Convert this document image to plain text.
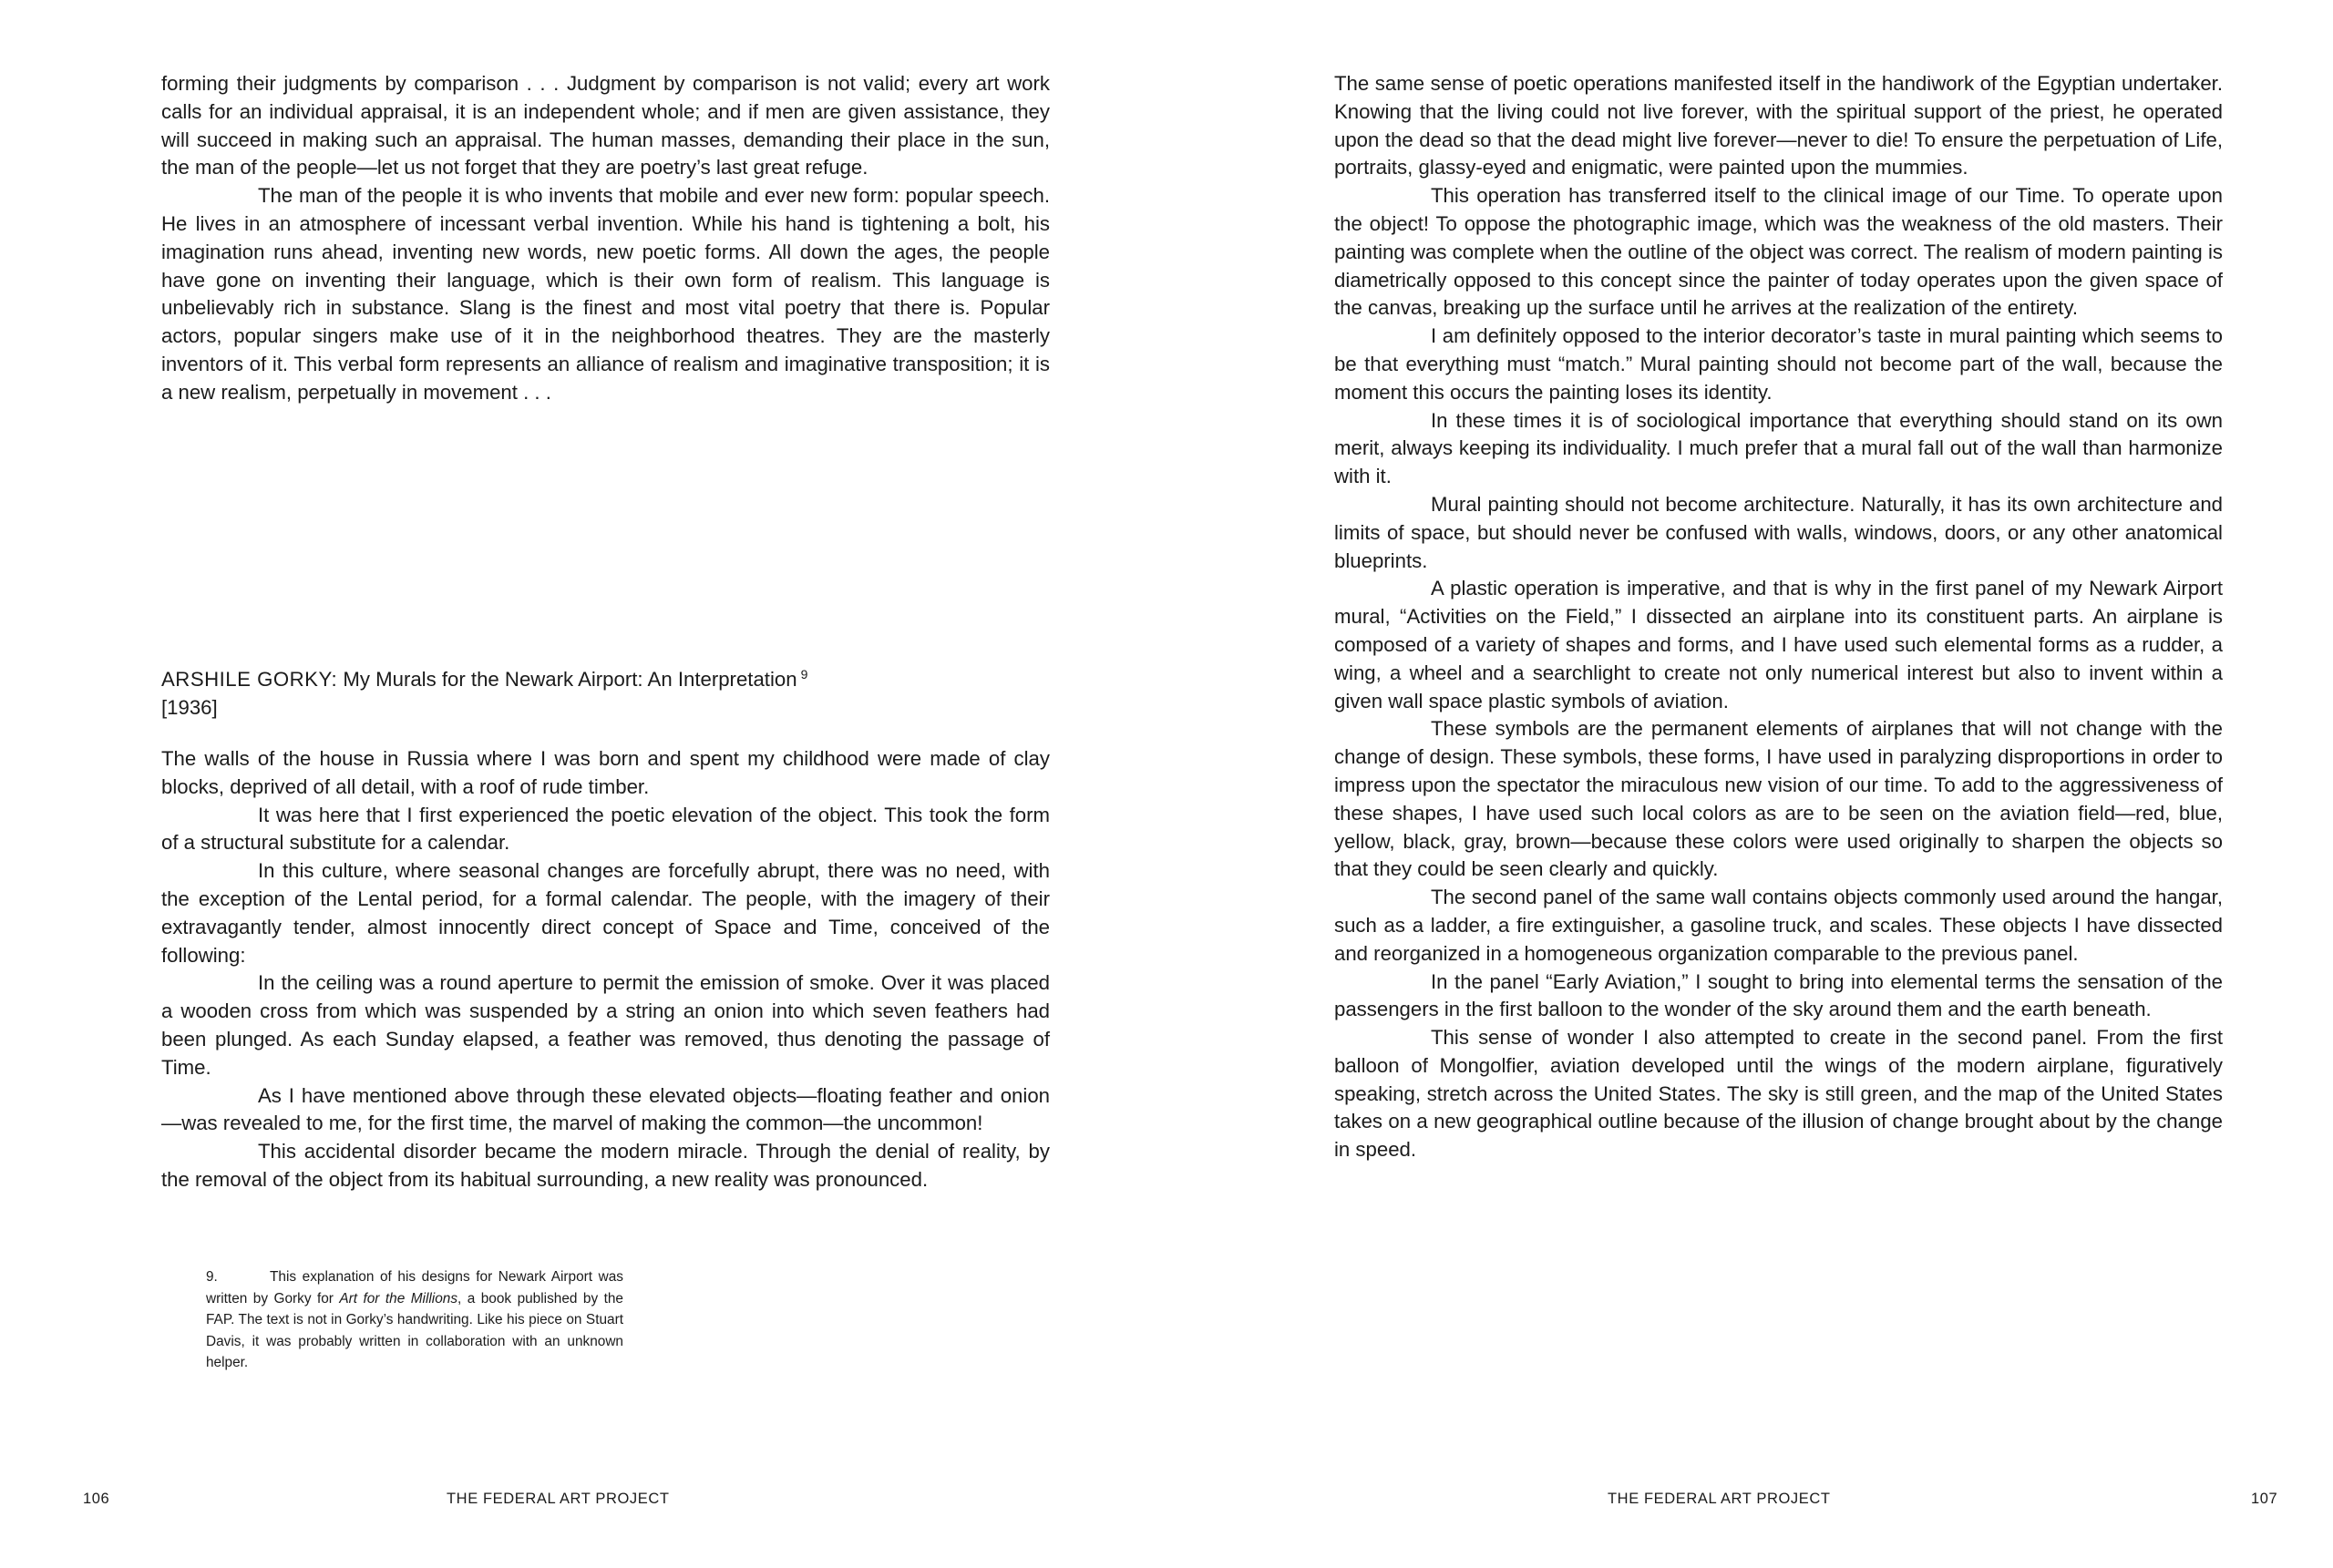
forming their judgments by comparison . . . Judgment by comparison is not valid; every art work calls for an individual appraisal, it is an independent whole; and if men are given assistance, they will succeed in making such an appraisal. The human masses, demanding their place in the sun, the man of the people—let us not forget that they are poetry’s last great refuge.

The man of the people it is who invents that mobile and ever new form: popular speech. He lives in an atmosphere of incessant verbal invention. While his hand is tightening a bolt, his imagination runs ahead, inventing new words, new poetic forms. All down the ages, the people have gone on inventing their language, which is their own form of realism. This language is unbelievably rich in substance. Slang is the finest and most vital poetry that there is. Popular actors, popular singers make use of it in the neighborhood theatres. They are the masterly inventors of it. This verbal form represents an alliance of realism and imaginative transposition; it is a new realism, perpetually in movement . . .

ARSHILE GORKY: My Murals for the Newark Airport: An Interpretation $^9$
[1936]

The walls of the house in Russia where I was born and spent my childhood were made of clay blocks, deprived of all detail, with a roof of rude timber.

It was here that I first experienced the poetic elevation of the object. This took the form of a structural substitute for a calendar.

In this culture, where seasonal changes are forcefully abrupt, there was no need, with the exception of the Lental period, for a formal calendar. The people, with the imagery of their extravagantly tender, almost innocently direct concept of Space and Time, conceived of the following:

In the ceiling was a round aperture to permit the emission of smoke. Over it was placed a wooden cross from which was suspended by a string an onion into which seven feathers had been plunged. As each Sunday elapsed, a feather was removed, thus denoting the passage of Time.

As I have mentioned above through these elevated objects—floating feather and onion—was revealed to me, for the first time, the marvel of making the common—the uncommon!

This accidental disorder became the modern miracle. Through the denial of reality, by the removal of the object from its habitual surrounding, a new reality was pronounced.

9.	This explanation of his designs for Newark Airport was written by Gorky for Art for the Millions, a book published by the FAP. The text is not in Gorky’s handwriting. Like his piece on Stuart Davis, it was probably written in collaboration with an unknown helper.
106	THE FEDERAL ART PROJECT

The same sense of poetic operations manifested itself in the handiwork of the Egyptian undertaker. Knowing that the living could not live forever, with the spiritual support of the priest, he operated upon the dead so that the dead might live forever—never to die! To ensure the perpetuation of Life, portraits, glassy-eyed and enigmatic, were painted upon the mummies.

This operation has transferred itself to the clinical image of our Time. To operate upon the object! To oppose the photographic image, which was the weakness of the old masters. Their painting was complete when the outline of the object was correct. The realism of modern painting is diametrically opposed to this concept since the painter of today operates upon the given space of the canvas, breaking up the surface until he arrives at the realization of the entirety.

I am definitely opposed to the interior decorator’s taste in mural painting which seems to be that everything must “match.” Mural painting should not become part of the wall, because the moment this occurs the painting loses its identity.

In these times it is of sociological importance that everything should stand on its own merit, always keeping its individuality. I much prefer that a mural fall out of the wall than harmonize with it.

Mural painting should not become architecture. Naturally, it has its own architecture and limits of space, but should never be confused with walls, windows, doors, or any other anatomical blueprints.

A plastic operation is imperative, and that is why in the first panel of my Newark Airport mural, “Activities on the Field,” I dissected an airplane into its constituent parts. An airplane is composed of a variety of shapes and forms, and I have used such elemental forms as a rudder, a wing, a wheel and a searchlight to create not only numerical interest but also to invent within a given wall space plastic symbols of aviation.

These symbols are the permanent elements of airplanes that will not change with the change of design. These symbols, these forms, I have used in paralyzing disproportions in order to impress upon the spectator the miraculous new vision of our time. To add to the aggressiveness of these shapes, I have used such local colors as are to be seen on the aviation field—red, blue, yellow, black, gray, brown—because these colors were used originally to sharpen the objects so that they could be seen clearly and quickly.

The second panel of the same wall contains objects commonly used around the hangar, such as a ladder, a fire extinguisher, a gasoline truck, and scales. These objects I have dissected and reorganized in a homogeneous organization comparable to the previous panel.

In the panel “Early Aviation,” I sought to bring into elemental terms the sensation of the passengers in the first balloon to the wonder of the sky around them and the earth beneath.

This sense of wonder I also attempted to create in the second panel. From the first balloon of Mongolfier, aviation developed until the wings of the modern airplane, figuratively speaking, stretch across the United States. The sky is still green, and the map of the United States takes on a new geographical outline because of the illusion of change brought about by the change in speed.

THE FEDERAL ART PROJECT	107
